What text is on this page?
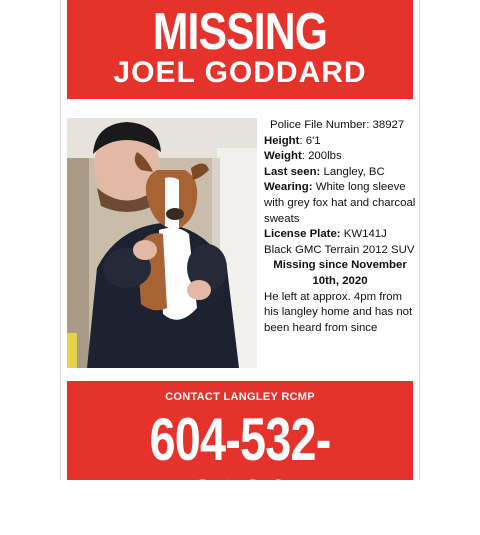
MISSING
JOEL GODDARD
Police File Number: 38927
Height: 6'1
Weight: 200lbs
Last seen: Langley, BC
Wearing: White long sleeve with grey fox hat and charcoal sweats
License Plate: KW141J Black GMC Terrain 2012 SUV
Missing since November 10th, 2020
He left at approx. 4pm from his langley home and has not been heard from since
CONTACT LANGLEY RCMP
604-532-3200
